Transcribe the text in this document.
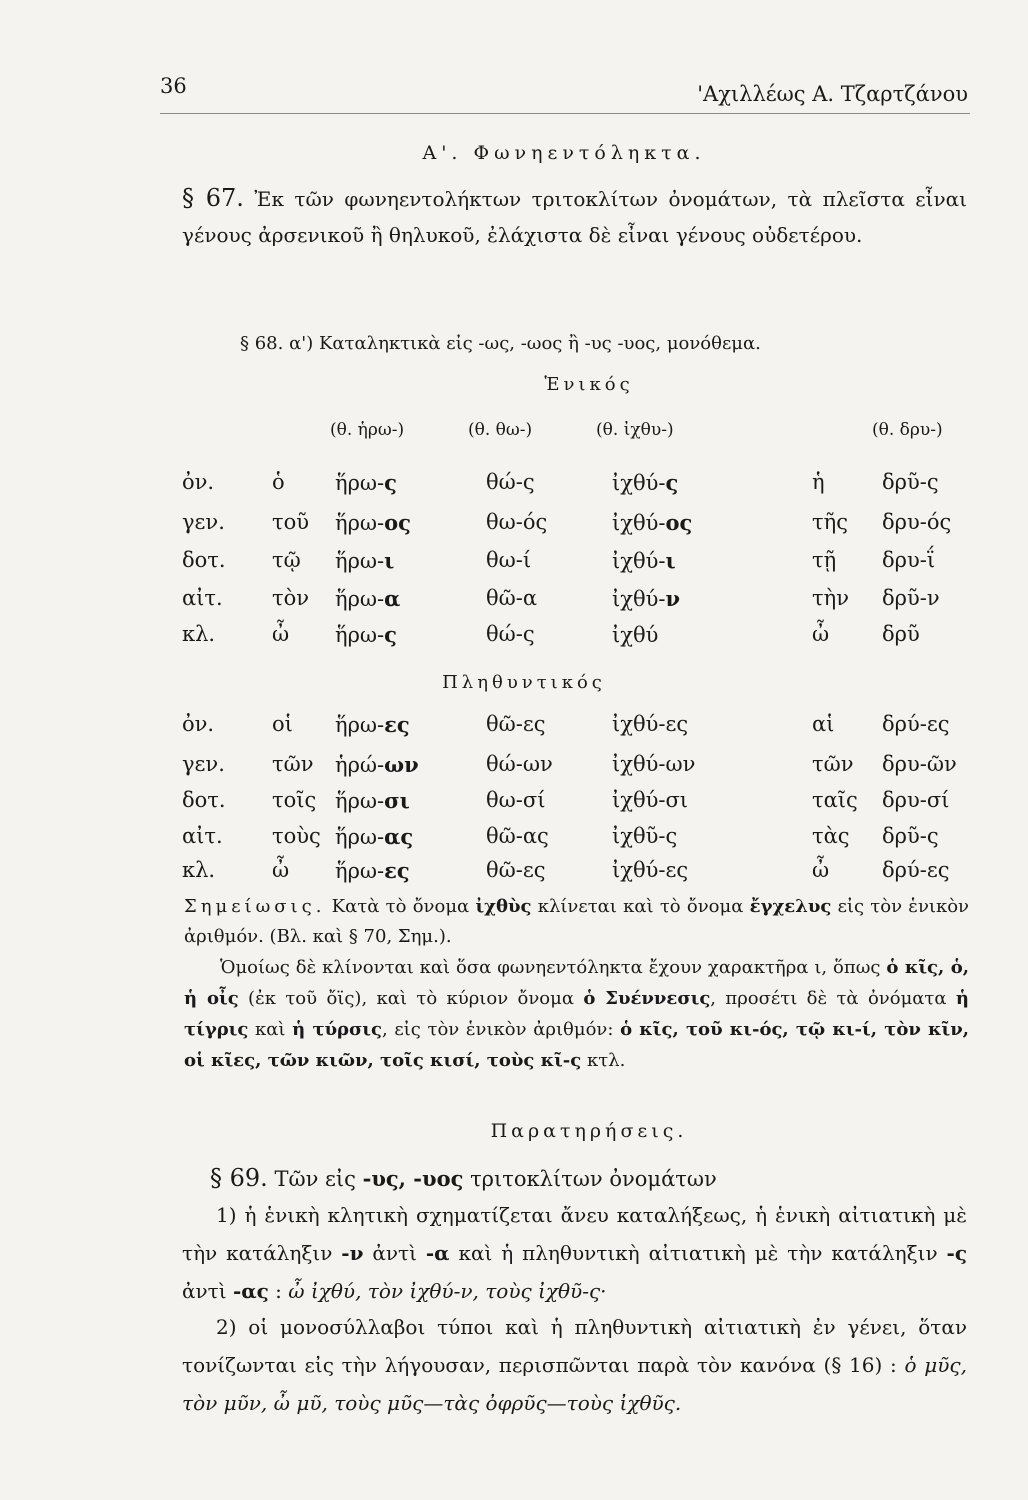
36	'Αχιλλέως Α. Τζαρτζάνου
Α'. Φωνηεντόληκτα.
§ 67. Ἐκ τῶν φωνηεντολήκτων τριτοκλίτων ὀνομάτων, τὰ πλεῖστα εἶναι γένους ἀρσενικοῦ ἢ θηλυκοῦ, ἐλάχιστα δὲ εἶναι γένους οὐδετέρου.
§ 68. α') Καταληκτικὰ εἰς -ως, -ωος ἢ -υς -υος, μονόθεμα.
Ἑνικός
(θ. ἡρω-)	(θ. θω-)	(θ. ἰχθυ-)	(θ. δρυ-)
ὀν.	ὁ ἥρω-ς	θώ-ς	ἰχθύ-ς	ἡ	δρῦ-ς
γεν. τοῦ ἥρω-ος	θω-ός	ἰχθύ-ος	τῆς δρυ-ός
δοτ. τῷ ἥρω-ι	θω-ί	ἰχθύ-ι	τῇ δρυ-ΐ
αἰτ. τὸν ἥρω-α	θῶ-α	ἰχθύ-ν	τὴν δρῦ-ν
κλ.	ὦ ἥρω-ς	θώ-ς	ἰχθύ	ὦ	δρῦ
Πληθυντικός
ὀν.	οἱ ἥρω-ες	θῶ-ες	ἰχθύ-ες	αἱ δρύ-ες
γεν. τῶν ἡρώ-ων	θώ-ων	ἰχθύ-ων	τῶν δρυ-ῶν
δοτ. τοῖς ἥρω-σι	θω-σί	ἰχθύ-σι	ταῖς δρυ-σί
αἰτ. τοὺς ἥρω-ας	θῶ-ας	ἰχθῦ-ς	τὰς δρῦ-ς
κλ.	ὦ ἥρω-ες	θῶ-ες	ἰχθύ-ες	ὦ	δρύ-ες
Σημείωσις. Κατὰ τὸ ὄνομα ἰχθὺς κλίνεται καὶ τὸ ὄνομα ἔγχελυς εἰς τὸν ἑνικὸν ἀριθμόν. (Βλ. καὶ § 70, Σημ.).
Ὁμοίως δὲ κλίνονται καὶ ὅσα φωνηεντόληκτα ἔχουν χαρακτῆρα ι, ὅπως ὁ κῖς, ὁ, ἡ οἶς (ἐκ τοῦ ὄϊς), καὶ τὸ κύριον ὄνομα ὁ Συέννεσις, προσέτι δὲ τὰ ὀνόματα ἡ τίγρις καὶ ἡ τύρσις, εἰς τὸν ἑνικὸν ἀριθμόν: ὁ κῖς, τοῦ κι-ός, τῷ κι-ί, τὸν κῖν, οἱ κῖες, τῶν κιῶν, τοῖς κισί, τοὺς κῖ-ς κτλ.
Παρατηρήσεις.
§ 69. Τῶν εἰς -υς, -υος τριτοκλίτων ὀνομάτων
1) ἡ ἑνικὴ κλητικὴ σχηματίζεται ἄνευ καταλήξεως, ἡ ἑνικὴ αἰτιατικὴ μὲ τὴν κατάληξιν -ν ἀντὶ -α καὶ ἡ πληθυντικὴ αἰτιατικὴ μὲ τὴν κατάληξιν -ς ἀντὶ -ας : ὦ ἰχθύ, τὸν ἰχθύ-ν, τοὺς ἰχθῦ-ς·
2) οἱ μονοσύλλαβοι τύποι καὶ ἡ πληθυντικὴ αἰτιατικὴ ἐν γένει, ὅταν τονίζωνται εἰς τὴν λήγουσαν, περισπῶνται παρὰ τὸν κανόνα (§ 16) : ὁ μῦς, τὸν μῦν, ὦ μῦ, τοὺς μῦς—τὰς ὀφρῦς—τοὺς ἰχθῦς.
